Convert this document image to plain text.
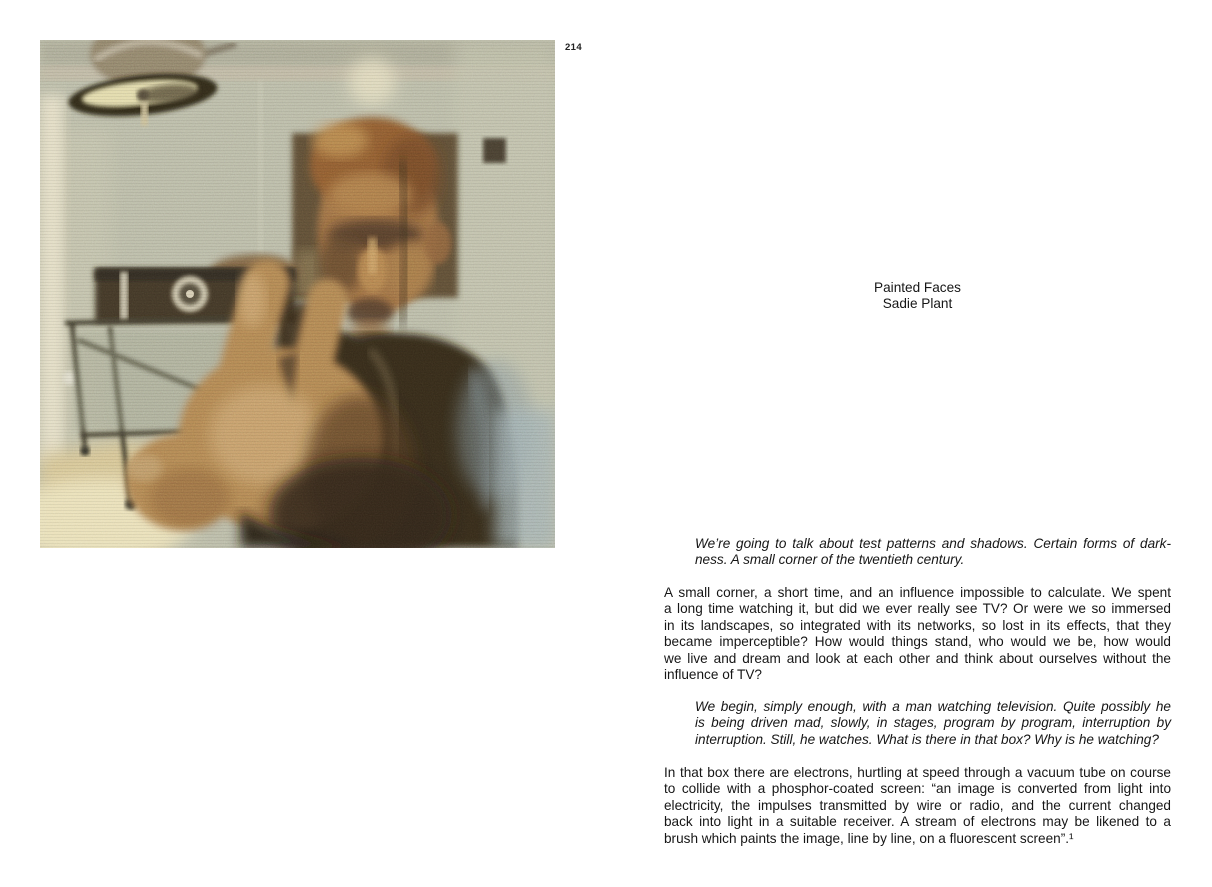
214
Painted Faces
Sadie Plant
We’re going to talk about test patterns and shadows. Certain forms of dark-
ness. A small corner of the twentieth century.
A small corner, a short time, and an influence impossible to calculate. We spent
a long time watching it, but did we ever really see TV? Or were we so immersed
in its landscapes, so integrated with its networks, so lost in its effects, that they
became imperceptible? How would things stand, who would we be, how would
we live and dream and look at each other and think about ourselves without the
influence of TV?
We begin, simply enough, with a man watching television. Quite possibly he
is being driven mad, slowly, in stages, program by program, interruption by
interruption. Still, he watches. What is there in that box? Why is he watching?
In that box there are electrons, hurtling at speed through a vacuum tube on course
to collide with a phosphor-coated screen: “an image is converted from light into
electricity, the impulses transmitted by wire or radio, and the current changed
back into light in a suitable receiver. A stream of electrons may be likened to a
brush which paints the image, line by line, on a fluorescent screen”.¹
